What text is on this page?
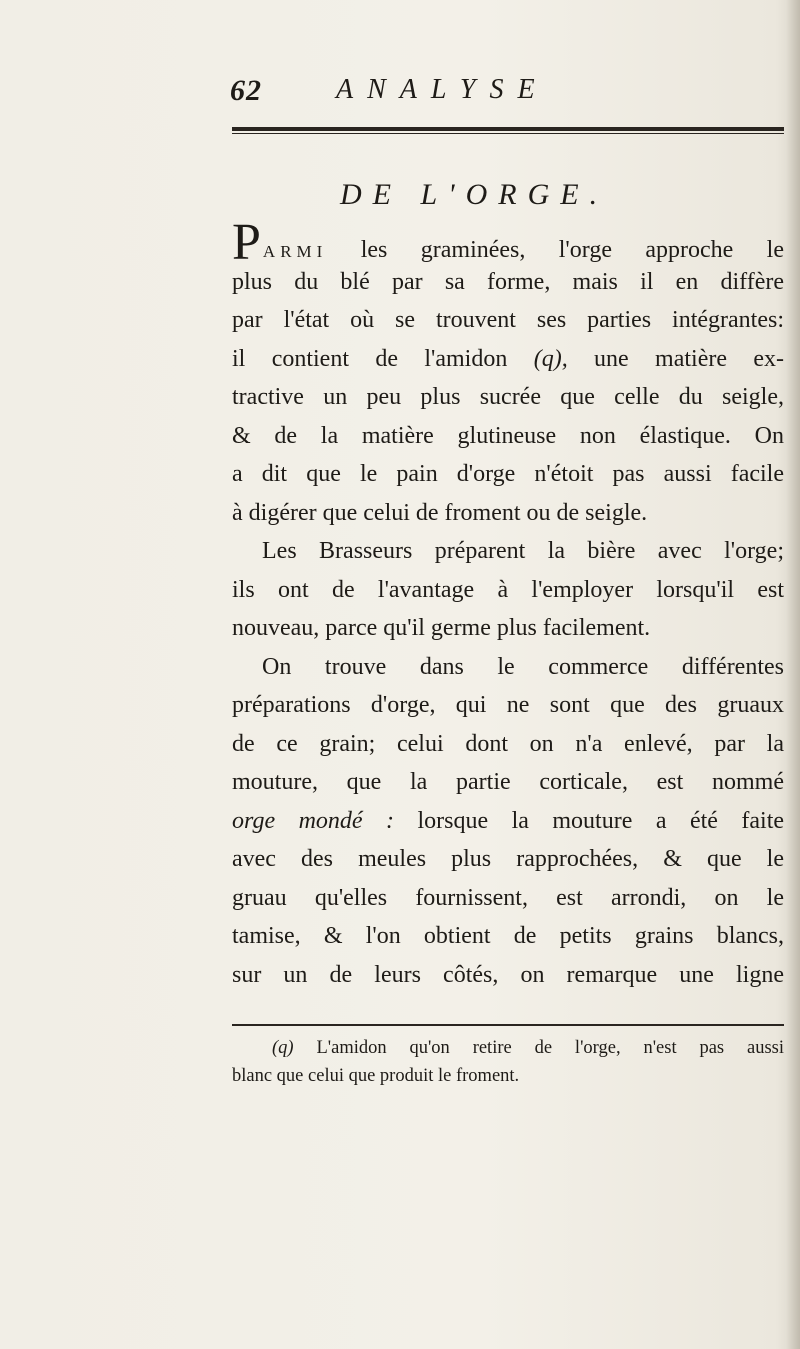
62	ANALYSE
DE L'ORGE.
PARMI les graminées, l'orge approche le
plus du blé par sa forme, mais il en diffère
par l'état où se trouvent ses parties intégrantes:
il contient de l'amidon (q), une matière ex-
tractive un peu plus sucrée que celle du seigle,
& de la matière glutineuse non élastique. On
a dit que le pain d'orge n'étoit pas aussi facile
à digérer que celui de froment ou de seigle.
Les Brasseurs préparent la bière avec l'orge;
ils ont de l'avantage à l'employer lorsqu'il est
nouveau, parce qu'il germe plus facilement.
On trouve dans le commerce différentes
préparations d'orge, qui ne sont que des gruaux
de ce grain; celui dont on n'a enlevé, par la
mouture, que la partie corticale, est nommé
orge mondé : lorsque la mouture a été faite
avec des meules plus rapprochées, & que le
gruau qu'elles fournissent, est arrondi, on le
tamise, & l'on obtient de petits grains blancs,
sur un de leurs côtés, on remarque une ligne
(q) L'amidon qu'on retire de l'orge, n'est pas aussi
blanc que celui que produit le froment.
